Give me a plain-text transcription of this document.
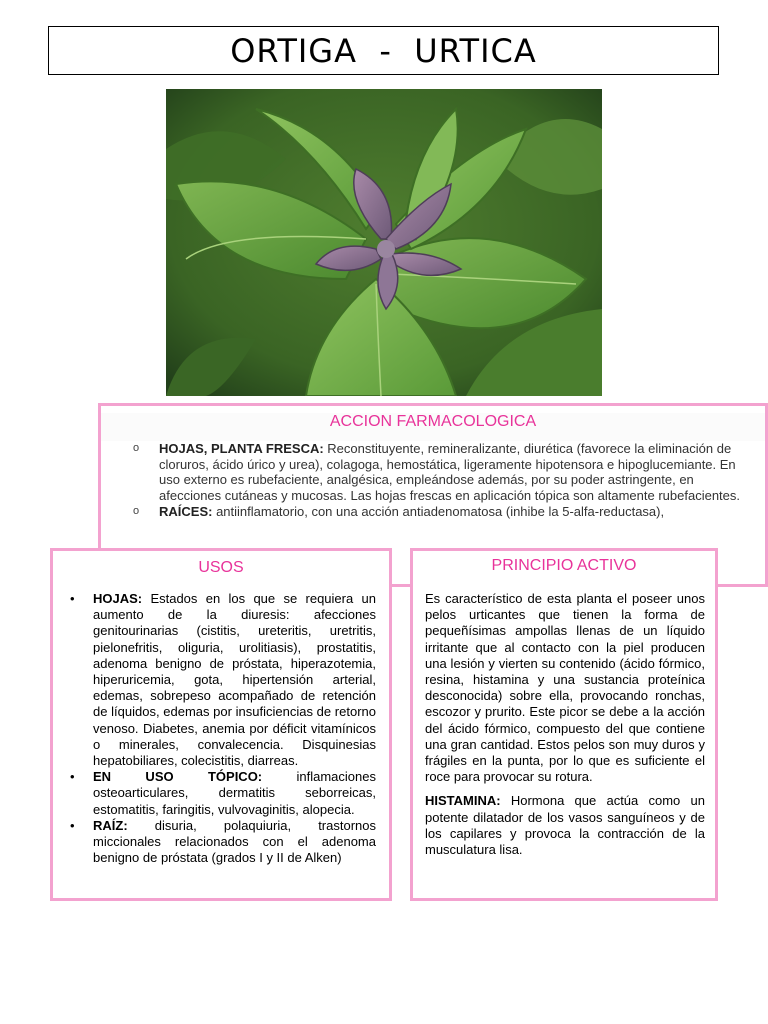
ORTIGA  -  URTICA
ACCION FARMACOLOGICA
o HOJAS, PLANTA FRESCA: Reconstituyente, remineralizante, diurética (favorece la eliminación de cloruros, ácido úrico y urea), colagoga, hemostática, ligeramente hipotensora e hipoglucemiante. En uso externo es rubefaciente, analgésica, empleándose además, por su poder astringente, en afecciones cutáneas y mucosas. Las hojas frescas en aplicación tópica son altamente rubefacientes.
o RAÍCES: antiinflamatorio, con una acción antiadenomatosa (inhibe la 5-alfa-reductasa),
USOS
• HOJAS: Estados en los que se requiera un aumento de la diuresis: afecciones genitourinarias (cistitis, ureteritis, uretritis, pielonefritis, oliguria, urolitiasis), prostatitis, adenoma benigno de próstata, hiperazotemia, hiperuricemia, gota, hipertensión arterial, edemas, sobrepeso acompañado de retención de líquidos, edemas por insuficiencias de retorno venoso. Diabetes, anemia por déficit vitamínicos o minerales, convalecencia. Disquinesias hepatobiliares, colecistitis, diarreas.
• EN USO TÓPICO: inflamaciones osteoarticulares, dermatitis seborreicas, estomatitis, faringitis, vulvovaginitis, alopecia.
• RAÍZ: disuria, polaquiuria, trastornos miccionales relacionados con el adenoma benigno de próstata (grados I y II de Alken)
PRINCIPIO ACTIVO

Es característico de esta planta el poseer unos pelos urticantes que tienen la forma de pequeñísimas ampollas llenas de un líquido irritante que al contacto con la piel producen una lesión y vierten su contenido (ácido fórmico, resina, histamina y una sustancia proteínica desconocida) sobre ella, provocando ronchas, escozor y prurito. Este picor se debe a la acción del ácido fórmico, compuesto del que contiene una gran cantidad. Estos pelos son muy duros y frágiles en la punta, por lo que es suficiente el roce para provocar su rotura.

HISTAMINA: Hormona que actúa como un potente dilatador de los vasos sanguíneos y de los capilares y provoca la contracción de la musculatura lisa.
